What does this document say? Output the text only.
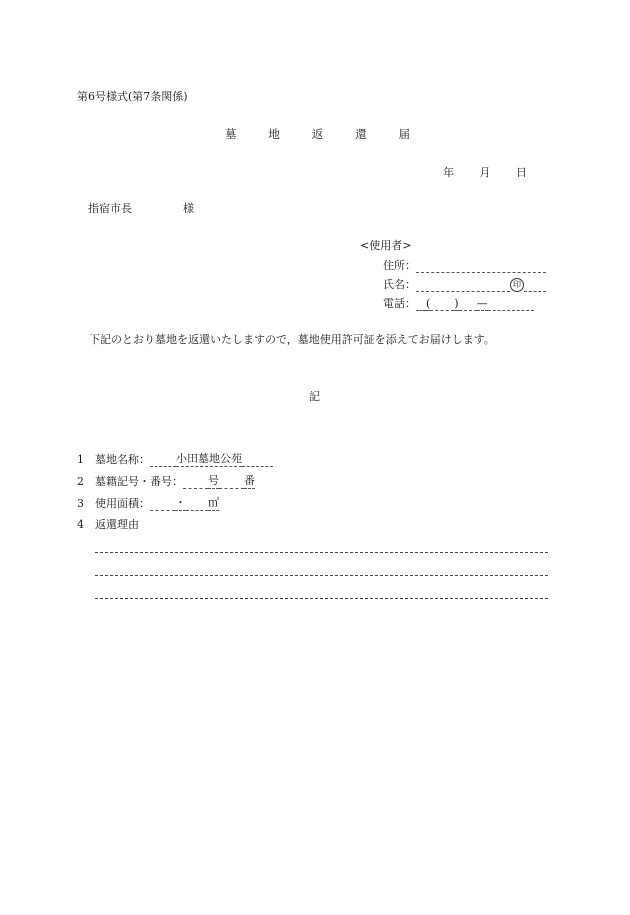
第6号様式(第7条関係)
墓	地	返	還	届
年 月 日
指宿市長	様
<使用者>
住所：
氏名：	印
電話： ( ) —
下記のとおり墓地を返還いたしますので，墓地使用許可証を添えてお届けします。
記
1	墓地名称： 小田墓地公苑
2	墓籍記号・番号： 号 番
3	使用面積： ・ ㎡
4 返還理由
